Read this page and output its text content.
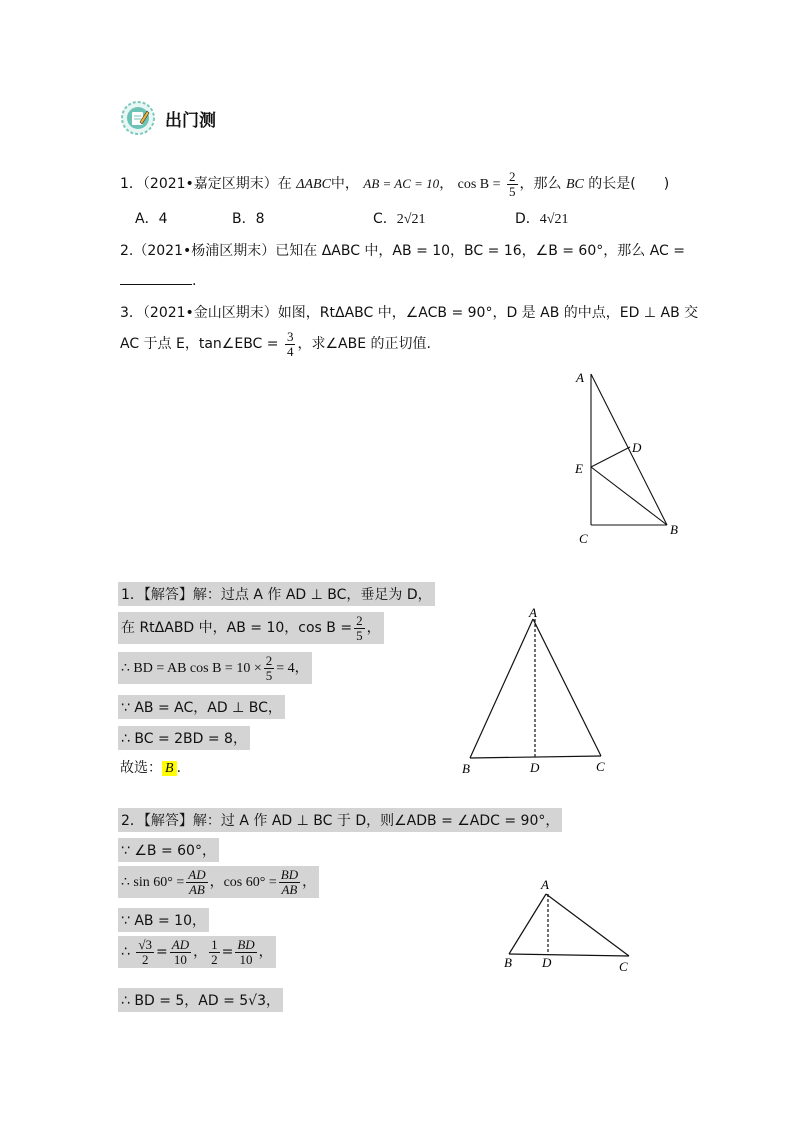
出门测
1．（2021•嘉定区期末）在 ΔABC中， AB = AC = 10， $\cos B = \frac{2}{5}$ ，那么 BC 的长是(　　)
A．4	B．8	C．2√21	D．4√21
2.（2021•杨浦区期末）已知在 ΔABC 中，AB = 10，BC = 16，∠B = 60°，那么 AC =
.
3．（2021•金山区期末）如图，RtΔABC 中，∠ACB = 90°，D 是 AB 的中点，ED ⊥ AB 交
AC 于点 E，tan∠EBC = $\frac{3}{4}$ ，求∠ABE 的正切值.
A
D
E
B
C
1．【解答】解：过点 A 作 AD ⊥ BC，垂足为 D，
在 RtΔABD 中，AB = 10，$\cos B = \frac{2}{5}$ ，
∴ BD = AB $\cos B = 10 \times \frac{2}{5} = 4$，
∵ AB = AC，AD ⊥ BC，
∴ BC = 2BD = 8，
故选： B .
A
B	D	C
2．【解答】解：过 A 作 AD ⊥ BC 于 D，则∠ADB = ∠ADC = 90°，
∵ ∠B = 60°，
∴ $\sin 60^\circ = \frac{AD}{AB}$ ，$\cos 60^\circ = \frac{BD}{AB}$ ，
∵ AB = 10，
∴ $\frac{√3}{2} = \frac{AD}{10}$ ， $\frac{1}{2} = \frac{BD}{10}$ ，
∴ BD = 5，AD = 5√3，
A
B D	C
